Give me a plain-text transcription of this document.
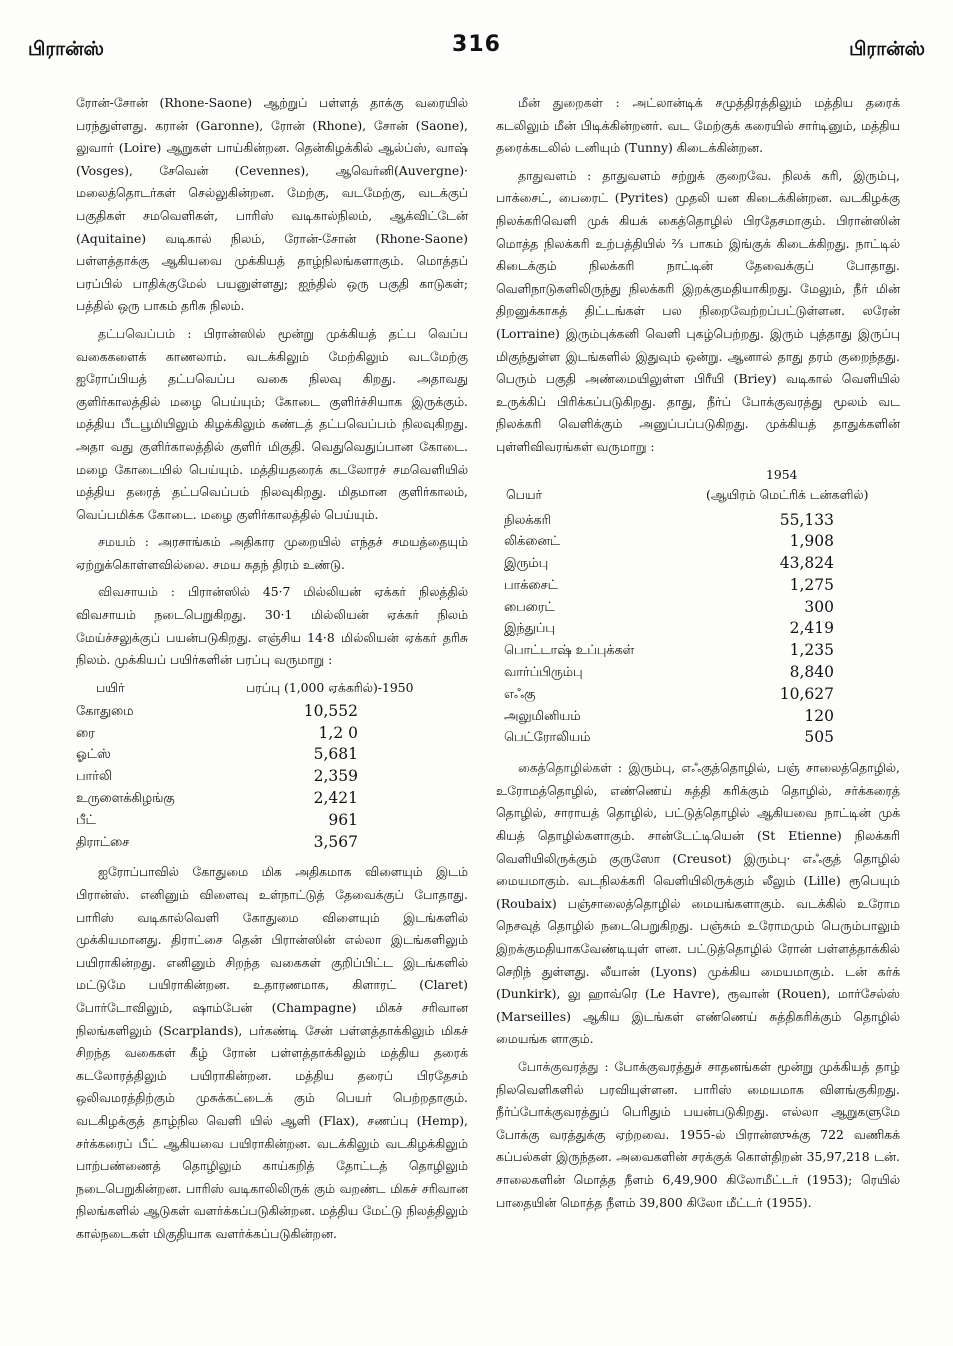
பிரான்ஸ்	316	பிரான்ஸ்

ரோன்-சோன் (Rhone-Saone) ஆற்றுப் பள்ளத் தாக்கு வரையில் பரந்துள்ளது. கரான் (Garonne), ரோன் (Rhone), சோன் (Saone), லுவார் (Loire) ஆறுகள் பாய்கின்றன. தென்கிழக்கில் ஆல்ப்ஸ், வாஷ் (Vosges), சேவென் (Cevennes), ஆவெர்னி(Auvergne)· மலைத்தொடர்கள் செல்லுகின்றன. மேற்கு, வடமேற்கு, வடக்குப் பகுதிகள் சமவெளிகள், பாரிஸ் வடிகால்நிலம், ஆக்விட்டேன் (Aquitaine) வடிகால் நிலம், ரோன்-சோன் (Rhone-Saone) பள்ளத்தாக்கு ஆகியவை முக்கியத் தாழ்நிலங்களாகும். மொத்தப் பரப்பில் பாதிக்குமேல் பயனுள்ளது; ஐந்தில் ஒரு பகுதி காடுகள்; பத்தில் ஒரு பாகம் தரிசு நிலம்.

தட்பவெப்பம் : பிரான்ஸில் மூன்று முக்கியத் தட்ப வெப்ப வகைகளைக் காணலாம். வடக்கிலும் மேற்கிலும் வடமேற்கு ஐரோப்பியத் தட்பவெப்ப வகை நிலவு கிறது. அதாவது குளிர்காலத்தில் மழை பெய்யும்; கோடை குளிர்ச்சியாக இருக்கும். மத்திய பீடபூமியிலும் கிழக்கிலும் கண்டத் தட்பவெப்பம் நிலவுகிறது. அதா வது குளிர்காலத்தில் குளிர் மிகுதி. வெதுவெதுப்பான கோடை. மழை கோடையில் பெய்யும். மத்தியதரைக் கடலோரச் சமவெளியில் மத்திய தரைத் தட்பவெப்பம் நிலவுகிறது. மிதமான குளிர்காலம், வெப்பமிக்க கோடை. மழை குளிர்காலத்தில் பெய்யும்.

சமயம் : அரசாங்கம் அதிகார முறையில் எந்தச் சமயத்தையும் ஏற்றுக்கொள்ளவில்லை. சமய சுதந் திரம் உண்டு.

விவசாயம் : பிரான்ஸில் 45·7 மில்லியன் ஏக்கர் நிலத்தில் விவசாயம் நடைபெறுகிறது. 30·1 மில்லியன் ஏக்கர் நிலம் மேய்ச்சலுக்குப் பயன்படுகிறது. எஞ்சிய 14·8 மில்லியன் ஏக்கர் தரிசு நிலம். முக்கியப் பயிர்களின் பரப்பு வருமாறு :

பயிர்	பரப்பு (1,000 ஏக்கரில்)-1950
கோதுமை	10,552
ரை	1,2 0
ஓட்ஸ்	5,681
பார்லி	2,359
உருளைக்கிழங்கு	2,421
பீட்	961
திராட்சை	3,567

ஐரோப்பாவில் கோதுமை மிக அதிகமாக விளையும் இடம் பிரான்ஸ். எனினும் விளைவு உள்நாட்டுத் தேவைக்குப் போதாது. பாரிஸ் வடிகால்வெளி கோதுமை விளையும் இடங்களில் முக்கியமானது. திராட்சை தென் பிரான்ஸின் எல்லா இடங்களிலும் பயிராகின்றது. எனினும் சிறந்த வகைகள் குறிப்பிட்ட இடங்களில் மட்டுமே பயிராகின்றன. உதாரணமாக, கிளாரட் (Claret) போர்டோவிலும், ஷாம்பேன் (Champagne) மிகச் சரிவான நிலங்களிலும் (Scarplands), பர்கண்டி சேன் பள்ளத்தாக்கிலும் மிகச் சிறந்த வகைகள் கீழ் ரோன் பள்ளத்தாக்கிலும் மத்திய தரைக் கடலோரத்திலும் பயிராகின்றன. மத்திய தரைப் பிரதேசம் ஒலிவமரத்திற்கும் முசுக்கட்டைக் கும் பெயர் பெற்றதாகும். வடகிழக்குத் தாழ்நில வெளி யில் ஆளி (Flax), சணப்பு (Hemp), சர்க்கரைப் பீட் ஆகியவை பயிராகின்றன. வடக்கிலும் வடகிழக்கிலும் பாற்பண்ணைத் தொழிலும் காய்கறித் தோட்டத் தொழிலும் நடைபெறுகின்றன. பாரிஸ் வடிகாலிலிருக் கும் வறண்ட மிகச் சரிவான நிலங்களில் ஆடுகள் வளர்க்கப்படுகின்றன. மத்திய மேட்டு நிலத்திலும் கால்நடைகள் மிகுதியாக வளர்க்கப்படுகின்றன.

மீன் துறைகள் : அட்லான்டிக் சமுத்திரத்திலும் மத்திய தரைக் கடலிலும் மீன் பிடிக்கின்றனர். வட மேற்குக் கரையில் சார்டினும், மத்திய தரைக்கடலில் டனியும் (Tunny) கிடைக்கின்றன.

தாதுவளம் : தாதுவளம் சற்றுக் குறைவே. நிலக் கரி, இரும்பு, பாக்சைட், பைரைட் (Pyrites) முதலி யன கிடைக்கின்றன. வடகிழக்கு நிலக்கரிவெளி முக் கியக் கைத்தொழில் பிரதேசமாகும். பிரான்ஸின் மொத்த நிலக்கரி உற்பத்தியில் ⅔ பாகம் இங்குக் கிடைக்கிறது. நாட்டில் கிடைக்கும் நிலக்கரி நாட்டின் தேவைக்குப் போதாது. வெளிநாடுகளிலிருந்து நிலக்கரி இறக்குமதியாகிறது. மேலும், நீர் மின் திறனுக்காகத் திட்டங்கள் பல நிறைவேற்றப்பட்டுள்ளன. லரேன் (Lorraine) இரும்புக்கனி வெளி புகழ்பெற்றது. இரும் புத்தாது இருப்பு மிகுந்துள்ள இடங்களில் இதுவும் ஒன்று. ஆனால் தாது தரம் குறைந்தது. பெரும் பகுதி அண்மையிலுள்ள பிரீயி (Briey) வடிகால் வெளியில் உருக்கிப் பிரிக்கப்படுகிறது. தாது, நீர்ப் போக்குவரத்து மூலம் வட நிலக்கரி வெளிக்கும் அனுப்பப்படுகிறது. முக்கியத் தாதுக்களின் புள்ளிவிவரங்கள் வருமாறு :

1954
பெயர்	(ஆயிரம் மெட்ரிக் டன்களில்)
நிலக்கரி	55,133
லிக்னைட்	1,908
இரும்பு	43,824
பாக்சைட்	1,275
பைரைட்	300
இந்துப்பு	2,419
பொட்டாஷ் உப்புக்கள்	1,235
வார்ப்பிரும்பு	8,840
எஃகு	10,627
அலுமினியம்	120
பெட்ரோலியம்	505

கைத்தொழில்கள் : இரும்பு, எஃகுத்தொழில், பஞ் சாலைத்தொழில், உரோமத்தொழில், எண்ணெய் சுத்தி கரிக்கும் தொழில், சர்க்கரைத் தொழில், சாராயத் தொழில், பட்டுத்தொழில் ஆகியவை நாட்டின் முக் கியத் தொழில்களாகும். சான்டேட்டியென் (St Etienne) நிலக்கரி வெளியிலிருக்கும் குருஸோ (Creusot) இரும்பு· எஃகுத் தொழில் மையமாகும். வடநிலக்கரி வெளியிலிருக்கும் லீலும் (Lille) ரூபெயும் (Roubaix) பஞ்சாலைத்தொழில் மையங்களாகும். வடக்கில் உரோம நெசவுத் தொழில் நடைபெறுகிறது. பஞ்சும் உரோமமும் பெரும்பாலும் இறக்குமதியாகவேண்டியுள் ளன. பட்டுத்தொழில் ரோன் பள்ளத்தாக்கில் செறிந் துள்ளது. லீயான் (Lyons) முக்கிய மையமாகும். டன் கர்க் (Dunkirk), லு ஹாவ்ரெ (Le Havre), ரூவான் (Rouen), மார்சேல்ஸ் (Marseilles) ஆகிய இடங்கள் எண்ணெய் சுத்திகரிக்கும் தொழில் மையங்க ளாகும்.

போக்குவரத்து : போக்குவரத்துச் சாதனங்கள் மூன்று முக்கியத் தாழ் நிலவெளிகளில் பரவியுள்ளன. பாரிஸ் மையமாக விளங்குகிறது. நீர்ப்போக்குவரத்துப் பெரிதும் பயன்படுகிறது. எல்லா ஆறுகளுமே போக்கு வரத்துக்கு ஏற்றவை. 1955-ல் பிரான்ஸுக்கு 722 வணிகக் கப்பல்கள் இருந்தன. அவைகளின் சரக்குக் கொள்திறன் 35,97,218 டன். சாலைகளின் மொத்த நீளம் 6,49,900 கிலோமீட்டர் (1953); ரெயில் பாதையின் மொத்த நீளம் 39,800 கிலோ மீட்டர் (1955).
